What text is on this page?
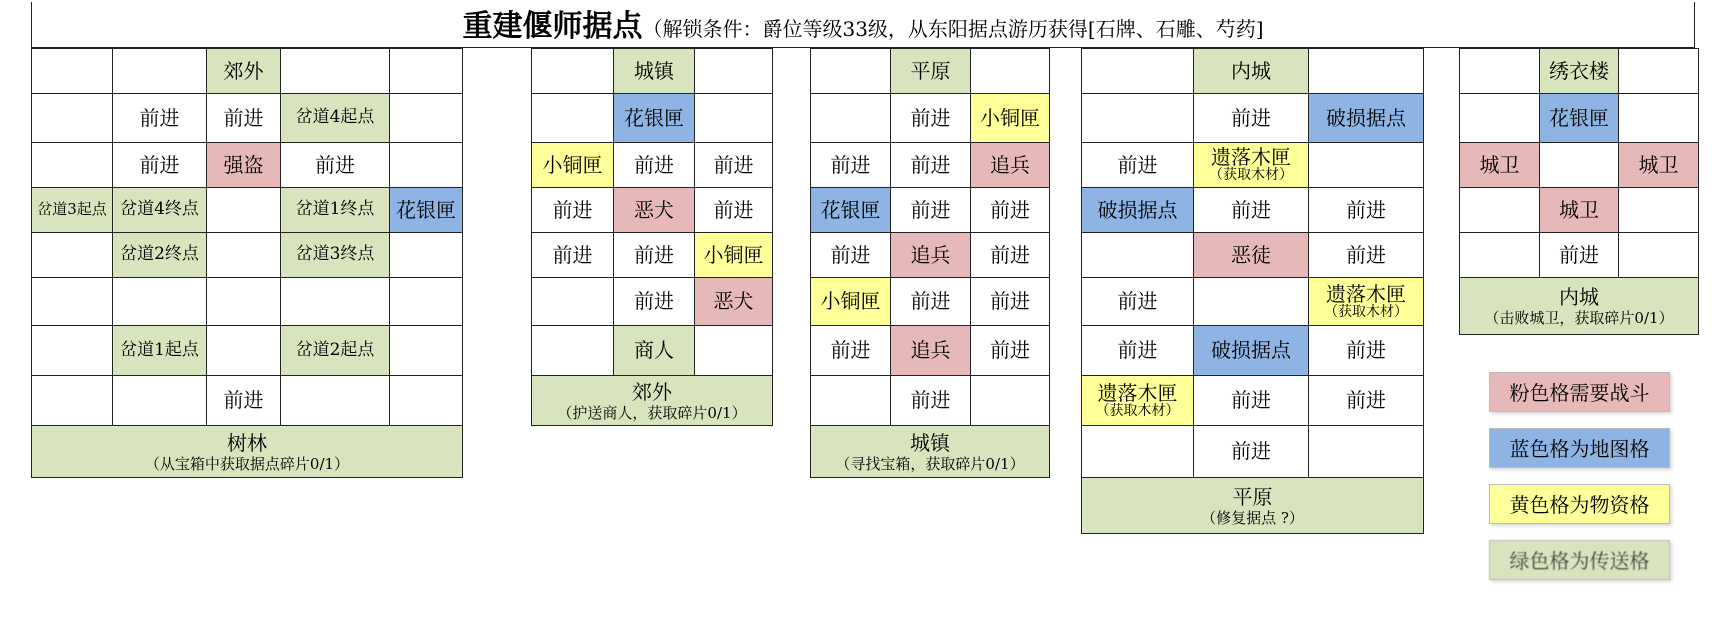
重建偃师据点（解锁条件：爵位等级33级，从东阳据点游历获得[石牌、石雕、芍药]
		郊外		
	前进	前进	岔道4起点	
	前进	强盗	前进	
岔道3起点	岔道4终点		岔道1终点	花银匣
	岔道2终点		岔道3终点	

	岔道1起点		岔道2起点	
		前进		

树林
（从宝箱中获取据点碎片0/1）				
	城镇	
	花银匣	
小铜匣	前进	前进
前进	恶犬	前进
前进	前进	小铜匣
	前进	恶犬
	商人	

郊外
（护送商人，获取碎片0/1）		
	平原	
	前进	小铜匣
前进	前进	追兵
花银匣	前进	前进
前进	追兵	前进
小铜匣	前进	前进
前进	追兵	前进
	前进	

城镇
（寻找宝箱，获取碎片0/1）		
	内城	
	前进	破损据点
前进	遗落木匣
（获取木材）	

破损据点	前进	前进
	恶徒	前进
前进		遗落木匣
（获取木材）

前进	破损据点	前进
遗落木匣
（获取木材）	前进	前进
	前进	

平原
（修复据点 ?）		
	绣衣楼	
	花银匣	
城卫		城卫
	城卫	
	前进	

内城
（击败城卫，获取碎片0/1）		
粉色格需要战斗
蓝色格为地图格
黄色格为物资格
绿色格为传送格
